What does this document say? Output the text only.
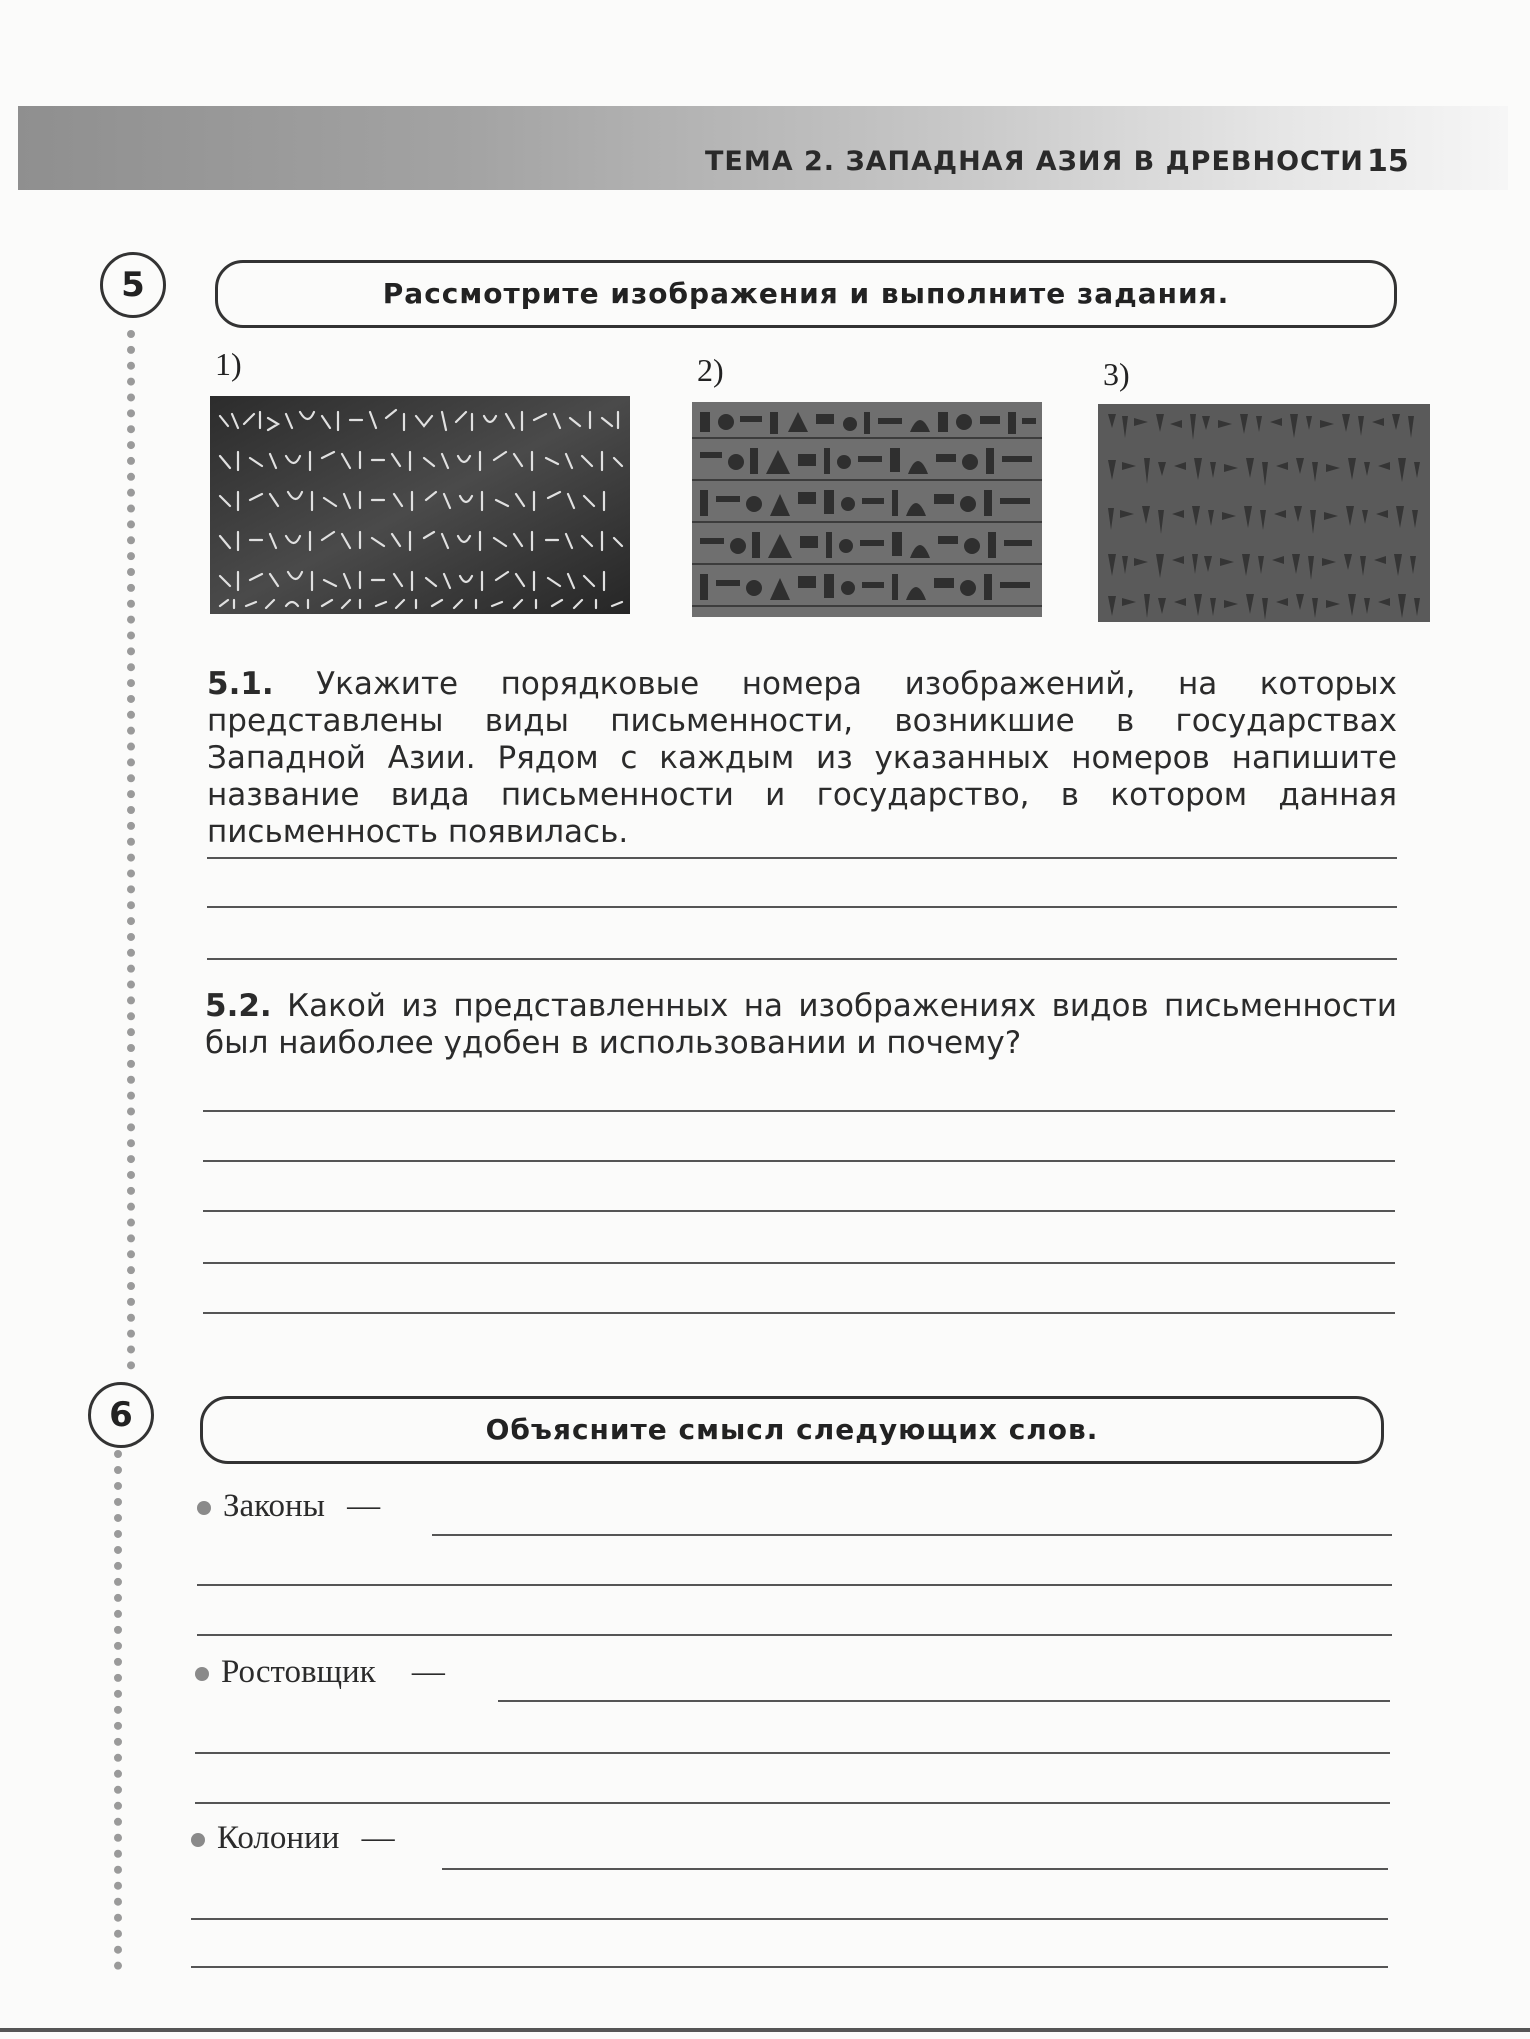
ТЕМА 2. ЗАПАДНАЯ АЗИЯ В ДРЕВНОСТИ 15
5	Рассмотрите изображения и выполните задания.
1)	2)	3)
5.1. Укажите порядковые номера изображений, на которых представлены виды письменности, возникшие в государствах Западной Азии. Рядом с каждым из указанных номеров напишите название вида письменности и государство, в котором данная письменность появилась.
5.2. Какой из представленных на изображениях видов письменности был наиболее удобен в использовании и почему?
6	Объясните смысл следующих слов.
Законы —
Ростовщик —
Колонии —
